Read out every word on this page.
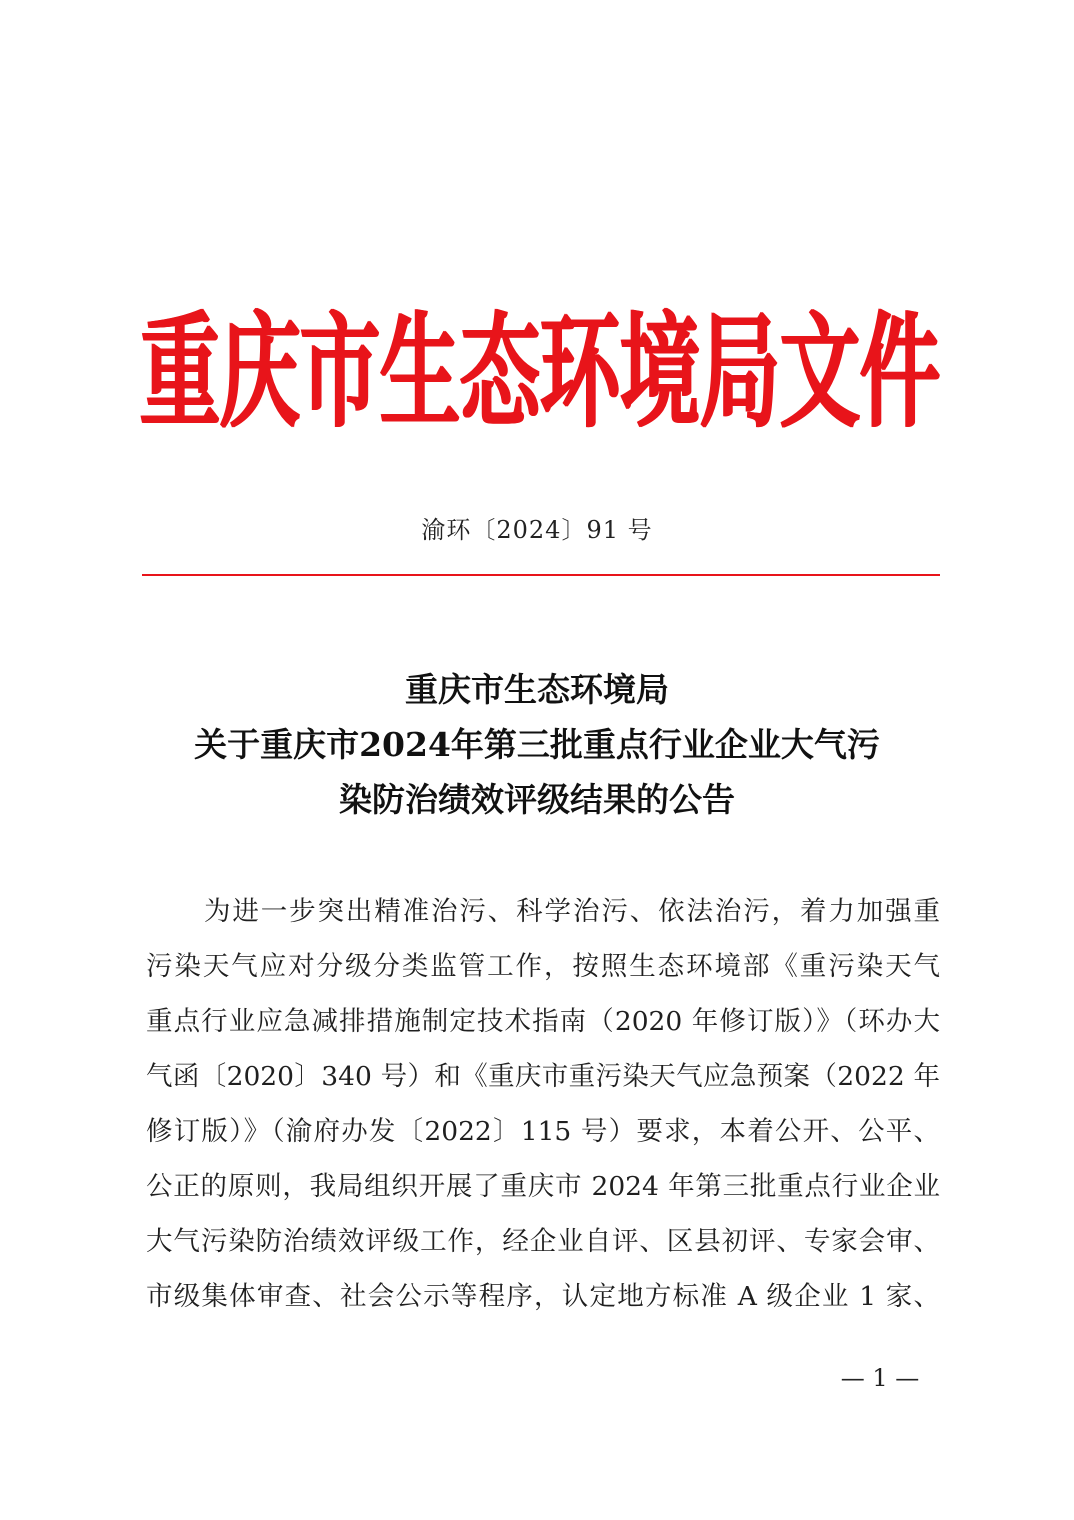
重 庆 市 生 态 环 境 局 文 件
渝环〔2024〕91 号
重庆市生态环境局
关于重庆市2024年第三批重点行业企业大气污
染防治绩效评级结果的公告
为进一步突出精准治污、科学治污、依法治污，着力加强重
污染天气应对分级分类监管工作，按照生态环境部《重污染天气
重点行业应急减排措施制定技术指南（2020 年修订版）》（环办大
气函〔2020〕340 号）和《重庆市重污染天气应急预案（2022 年
修订版）》（渝府办发〔2022〕115 号）要求，本着公开、公平、
公正的原则，我局组织开展了重庆市 2024 年第三批重点行业企业
大气污染防治绩效评级工作，经企业自评、区县初评、专家会审、
市级集体审查、社会公示等程序，认定地方标准 A 级企业 1 家、
— 1 —
